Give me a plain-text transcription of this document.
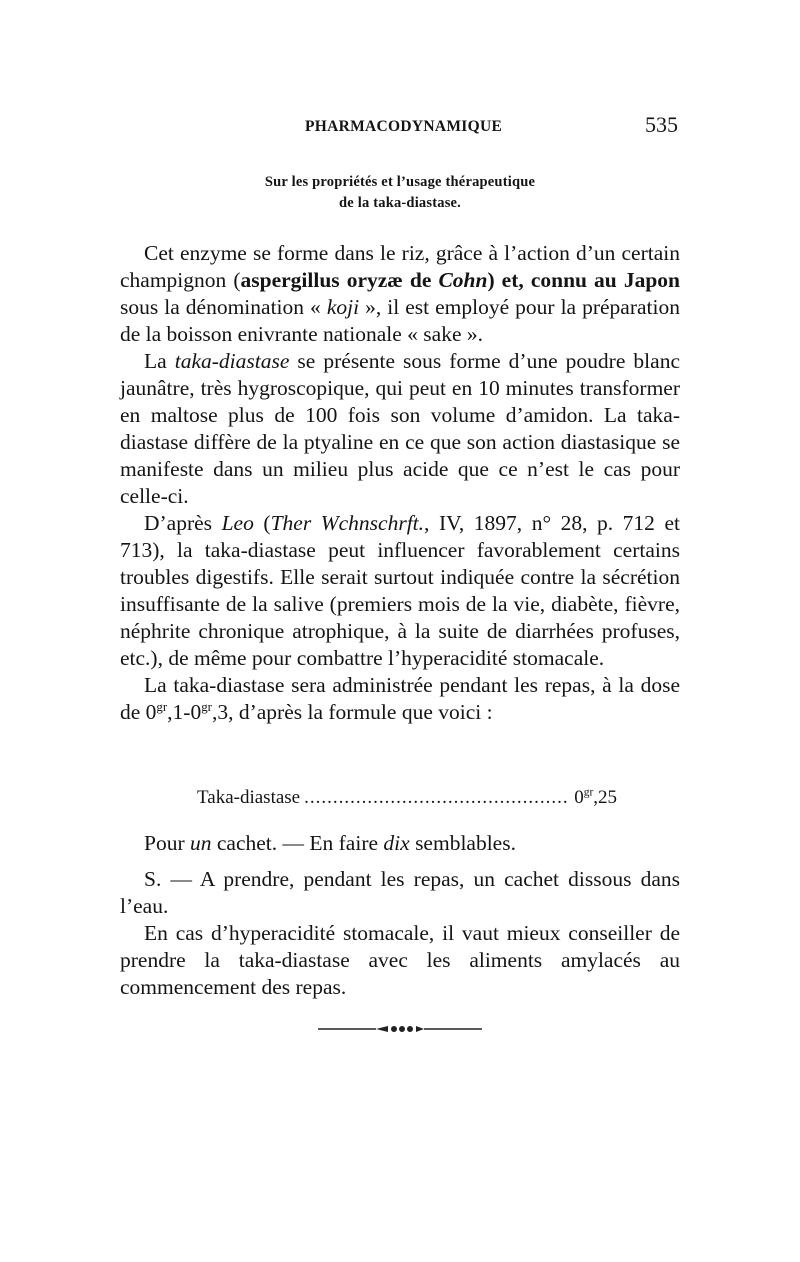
PHARMACODYNAMIQUE	535
Sur les propriétés et l’usage thérapeutique
de la taka-diastase.

Cet enzyme se forme dans le riz, grâce à l’action d’un certain champignon (aspergillus oryzæ de Cohn) et, connu au Japon sous la dénomination « koji », il est employé pour la préparation de la boisson enivrante nationale « sake ».

La taka-diastase se présente sous forme d’une poudre blanc jaunâtre, très hygroscopique, qui peut en 10 minutes transformer en maltose plus de 100 fois son volume d’amidon. La taka-diastase diffère de la ptyaline en ce que son action diastasique se manifeste dans un milieu plus acide que ce n’est le cas pour celle-ci.

D’après Leo (Ther Wchnschrft., IV, 1897, n° 28, p. 712 et 713), la taka-diastase peut influencer favorablement certains troubles digestifs. Elle serait surtout indiquée contre la sécrétion insuffisante de la salive (premiers mois de la vie, diabète, fièvre, néphrite chronique atrophique, à la suite de diarrhées profuses, etc.), de même pour combattre l’hyperacidité stomacale.

La taka-diastase sera administrée pendant les repas, à la dose de $0^{gr},1-0^{gr},3$, d’après la formule que voici :

Taka-diastase .....	$0^{gr},25$

Pour un cachet. — En faire dix semblables.

S. — A prendre, pendant les repas, un cachet dissous dans l’eau.

En cas d’hyperacidité stomacale, il vaut mieux conseiller de prendre la taka-diastase avec les aliments amylacés au commencement des repas.
